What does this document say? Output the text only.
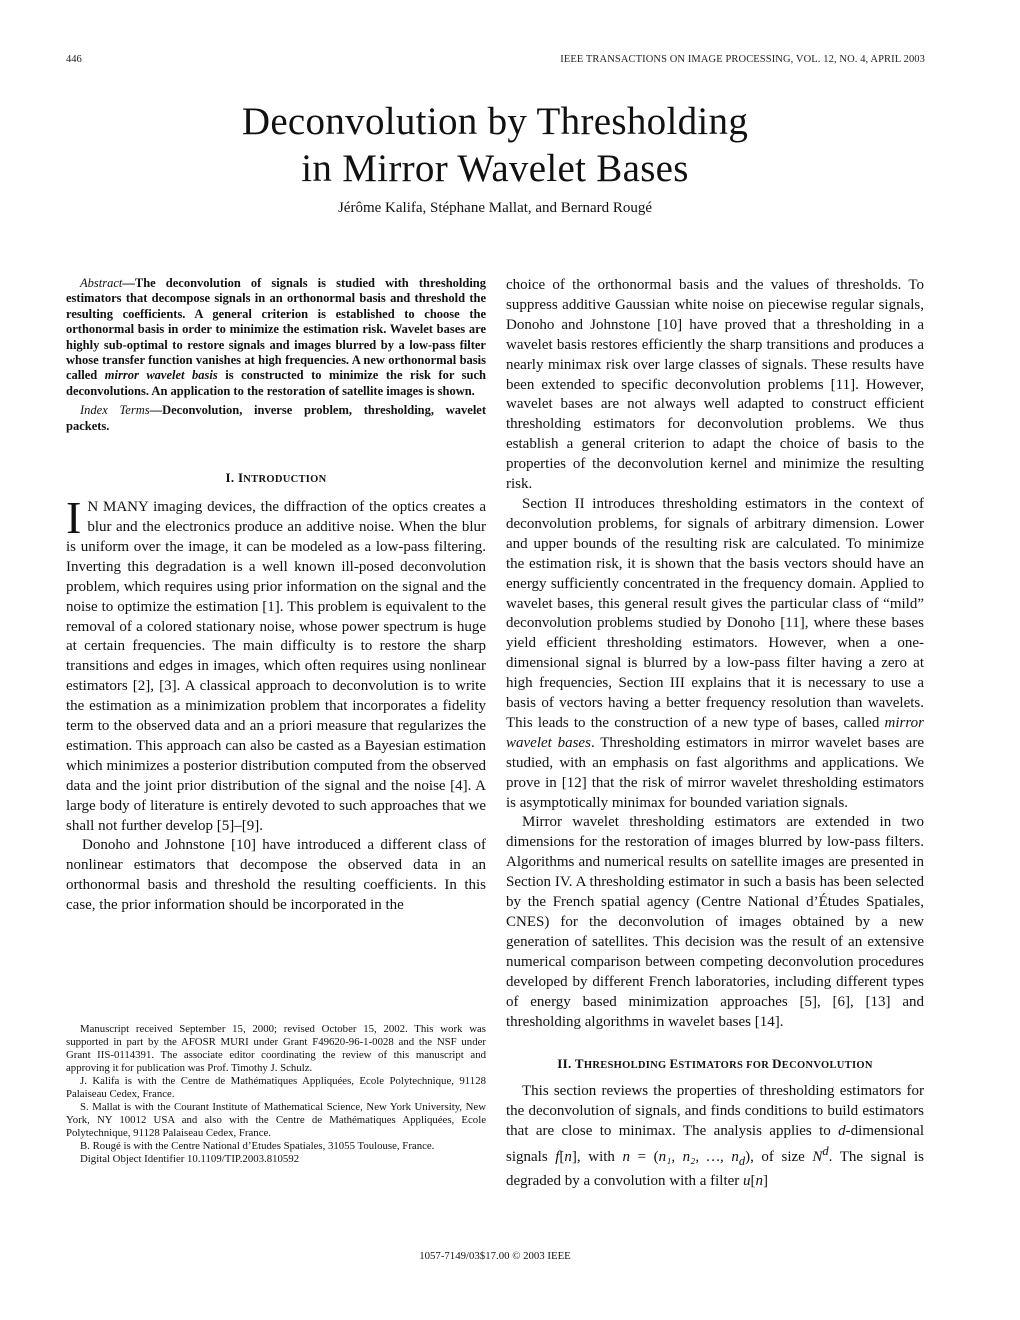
446	IEEE TRANSACTIONS ON IMAGE PROCESSING, VOL. 12, NO. 4, APRIL 2003
Deconvolution by Thresholding
in Mirror Wavelet Bases
Jérôme Kalifa, Stéphane Mallat, and Bernard Rougé

Abstract—The deconvolution of signals is studied with thresholding estimators that decompose signals in an orthonormal basis and threshold the resulting coefficients. A general criterion is established to choose the orthonormal basis in order to minimize the estimation risk. Wavelet bases are highly sub-optimal to restore signals and images blurred by a low-pass filter whose transfer function vanishes at high frequencies. A new orthonormal basis called mirror wavelet basis is constructed to minimize the risk for such deconvolutions. An application to the restoration of satellite images is shown.

Index Terms—Deconvolution, inverse problem, thresholding, wavelet packets.

I. INTRODUCTION

I N MANY imaging devices, the diffraction of the optics creates a blur and the electronics produce an additive noise. When the blur is uniform over the image, it can be modeled as a low-pass filtering. Inverting this degradation is a well known ill-posed deconvolution problem, which requires using prior information on the signal and the noise to optimize the estimation [1]. This problem is equivalent to the removal of a colored stationary noise, whose power spectrum is huge at certain frequencies. The main difficulty is to restore the sharp transitions and edges in images, which often requires using nonlinear estimators [2], [3]. A classical approach to deconvolution is to write the estimation as a minimization problem that incorporates a fidelity term to the observed data and an a priori measure that regularizes the estimation. This approach can also be casted as a Bayesian estimation which minimizes a posterior distribution computed from the observed data and the joint prior distribution of the signal and the noise [4]. A large body of literature is entirely devoted to such approaches that we shall not further develop [5]–[9].

Donoho and Johnstone [10] have introduced a different class of nonlinear estimators that decompose the observed data in an orthonormal basis and threshold the resulting coefficients. In this case, the prior information should be incorporated in the

Manuscript received September 15, 2000; revised October 15, 2002. This work was supported in part by the AFOSR MURI under Grant F49620-96-1-0028 and the NSF under Grant IIS-0114391. The associate editor coordinating the review of this manuscript and approving it for publication was Prof. Timothy J. Schulz.

J. Kalifa is with the Centre de Mathématiques Appliquées, Ecole Polytechnique, 91128 Palaiseau Cedex, France.

S. Mallat is with the Courant Institute of Mathematical Science, New York University, New York, NY 10012 USA and also with the Centre de Mathématiques Appliquées, Ecole Polytechnique, 91128 Palaiseau Cedex, France.

B. Rougé is with the Centre National d’Etudes Spatiales, 31055 Toulouse, France.

Digital Object Identifier 10.1109/TIP.2003.810592

choice of the orthonormal basis and the values of thresholds. To suppress additive Gaussian white noise on piecewise regular signals, Donoho and Johnstone [10] have proved that a thresholding in a wavelet basis restores efficiently the sharp transitions and produces a nearly minimax risk over large classes of signals. These results have been extended to specific deconvolution problems [11]. However, wavelet bases are not always well adapted to construct efficient thresholding estimators for deconvolution problems. We thus establish a general criterion to adapt the choice of basis to the properties of the deconvolution kernel and minimize the resulting risk.

Section II introduces thresholding estimators in the context of deconvolution problems, for signals of arbitrary dimension. Lower and upper bounds of the resulting risk are calculated. To minimize the estimation risk, it is shown that the basis vectors should have an energy sufficiently concentrated in the frequency domain. Applied to wavelet bases, this general result gives the particular class of “mild” deconvolution problems studied by Donoho [11], where these bases yield efficient thresholding estimators. However, when a one-dimensional signal is blurred by a low-pass filter having a zero at high frequencies, Section III explains that it is necessary to use a basis of vectors having a better frequency resolution than wavelets. This leads to the construction of a new type of bases, called mirror wavelet bases. Thresholding estimators in mirror wavelet bases are studied, with an emphasis on fast algorithms and applications. We prove in [12] that the risk of mirror wavelet thresholding estimators is asymptotically minimax for bounded variation signals.

Mirror wavelet thresholding estimators are extended in two dimensions for the restoration of images blurred by low-pass filters. Algorithms and numerical results on satellite images are presented in Section IV. A thresholding estimator in such a basis has been selected by the French spatial agency (Centre National d’Études Spatiales, CNES) for the deconvolution of images obtained by a new generation of satellites. This decision was the result of an extensive numerical comparison between competing deconvolution procedures developed by different French laboratories, including different types of energy based minimization approaches [5], [6], [13] and thresholding algorithms in wavelet bases [14].

II. THRESHOLDING ESTIMATORS FOR DECONVOLUTION

This section reviews the properties of thresholding estimators for the deconvolution of signals, and finds conditions to build estimators that are close to minimax. The analysis applies to d-dimensional signals f[n], with n = (n₁, n₂, …, $n_d$), of size $N^d$. The signal is degraded by a convolution with a filter u[n]

1057-7149/03$17.00 © 2003 IEEE
